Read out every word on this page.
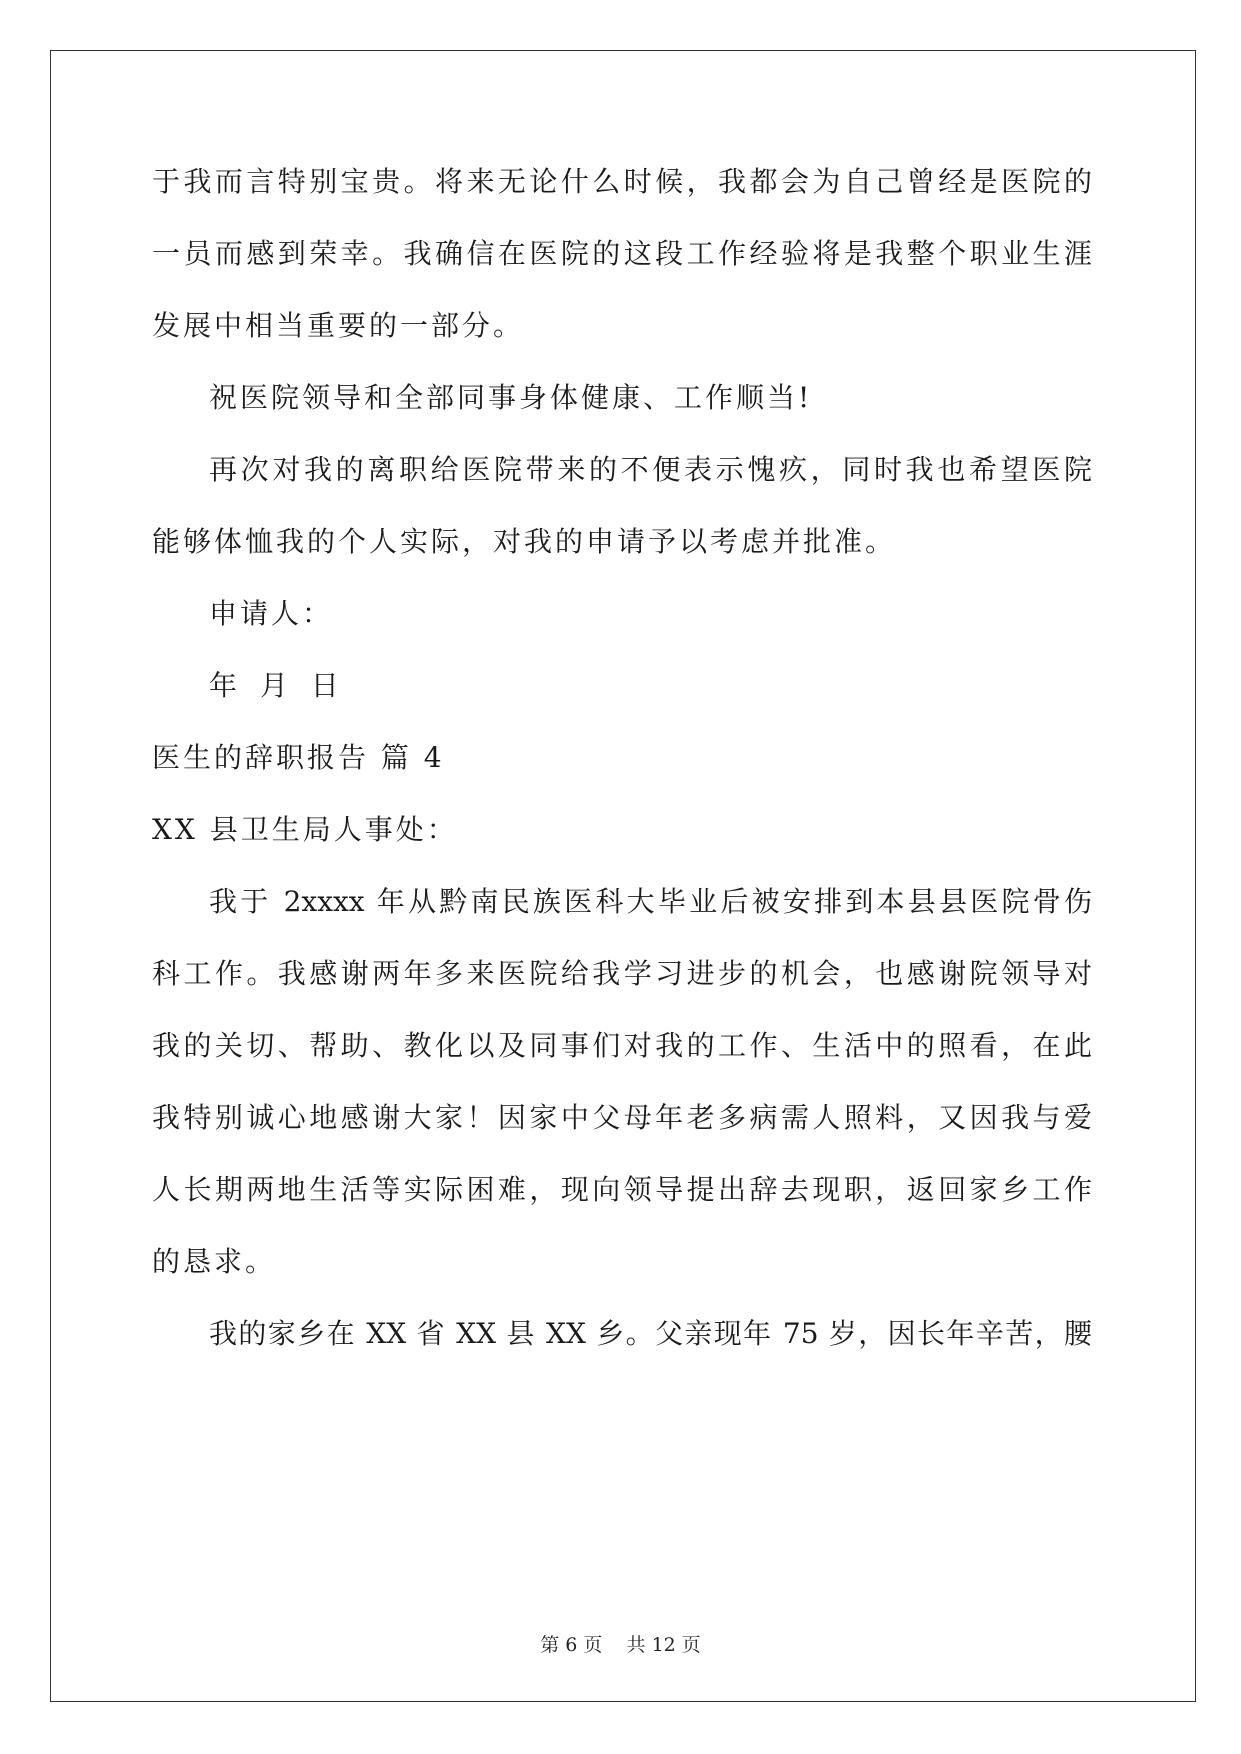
于我而言特别宝贵。将来无论什么时候，我都会为自己曾经是医院的
一员而感到荣幸。我确信在医院的这段工作经验将是我整个职业生涯
发展中相当重要的一部分。
祝医院领导和全部同事身体健康、工作顺当!
再次对我的离职给医院带来的不便表示愧疚，同时我也希望医院
能够体恤我的个人实际，对我的申请予以考虑并批准。
申请人：
年 月 日
医生的辞职报告 篇 4
XX 县卫生局人事处：
我于 2xxxx 年从黔南民族医科大毕业后被安排到本县县医院骨伤
科工作。我感谢两年多来医院给我学习进步的机会，也感谢院领导对
我的关切、帮助、教化以及同事们对我的工作、生活中的照看，在此
我特别诚心地感谢大家！因家中父母年老多病需人照料，又因我与爱
人长期两地生活等实际困难，现向领导提出辞去现职，返回家乡工作
的恳求。
我的家乡在 XX 省 XX 县 XX 乡。父亲现年 75 岁，因长年辛苦，腰
第 6 页    共 12 页
